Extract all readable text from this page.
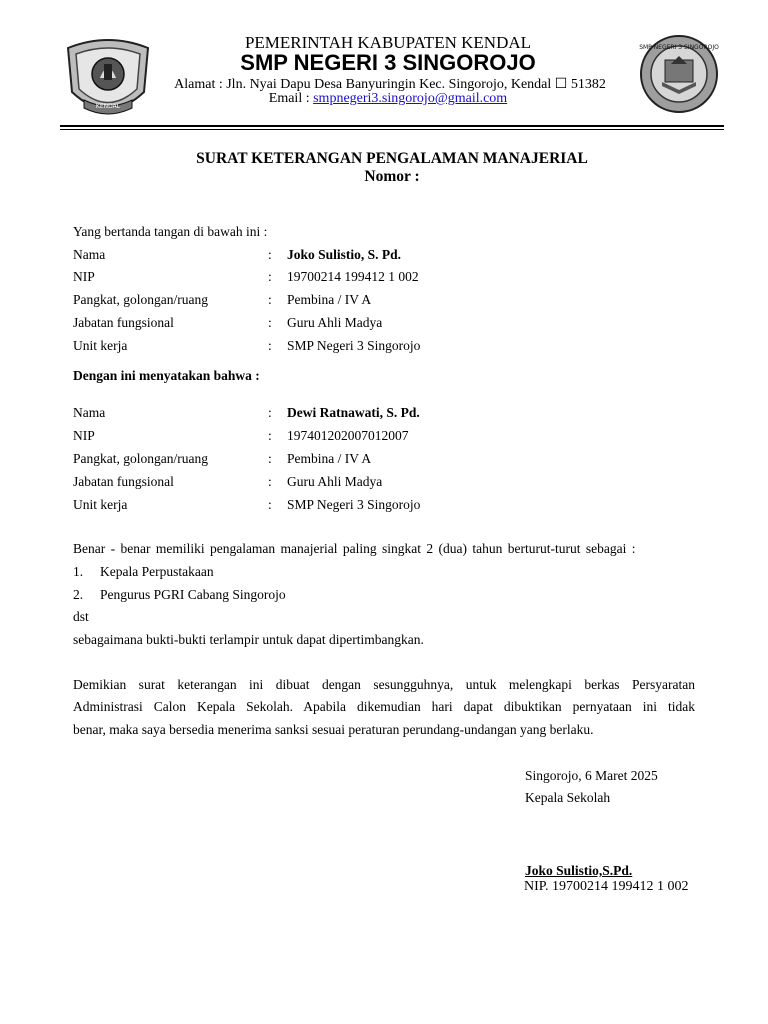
KENDAL
SMP NEGERI 3 SINGOROJO
PEMERINTAH KABUPATEN KENDAL
SMP NEGERI 3 SINGOROJO
Alamat : Jln. Nyai Dapu Desa Banyuringin Kec. Singorojo, Kendal ☐ 51382
Email : smpnegeri3.singorojo@gmail.com
SURAT KETERANGAN PENGALAMAN MANAJERIAL
Nomor :
Yang bertanda tangan di bawah ini :
Nama	: Joko Sulistio, S. Pd.
NIP	: 19700214 199412 1 002
Pangkat, golongan/ruang	: Pembina / IV A
Jabatan fungsional	: Guru Ahli Madya
Unit kerja	: SMP Negeri 3 Singorojo
Dengan ini menyatakan bahwa :
Nama	: Dewi Ratnawati, S. Pd.
NIP	: 197401202007012007
Pangkat, golongan/ruang	: Pembina / IV A
Jabatan fungsional	: Guru Ahli Madya
Unit kerja	: SMP Negeri 3 Singorojo
Benar - benar memiliki pengalaman manajerial paling singkat 2 (dua) tahun berturut-turut sebagai :
1. Kepala Perpustakaan
2. Pengurus PGRI Cabang Singorojo
dst
sebagaimana bukti-bukti terlampir untuk dapat dipertimbangkan.
Demikian surat keterangan ini dibuat dengan sesungguhnya, untuk melengkapi berkas Persyaratan
Administrasi Calon Kepala Sekolah. Apabila dikemudian hari dapat dibuktikan pernyataan ini tidak
benar, maka saya bersedia menerima sanksi sesuai peraturan perundang-undangan yang berlaku.
Singorojo, 6 Maret 2025
Kepala Sekolah
Joko Sulistio,S.Pd.
NIP. 19700214 199412 1 002
